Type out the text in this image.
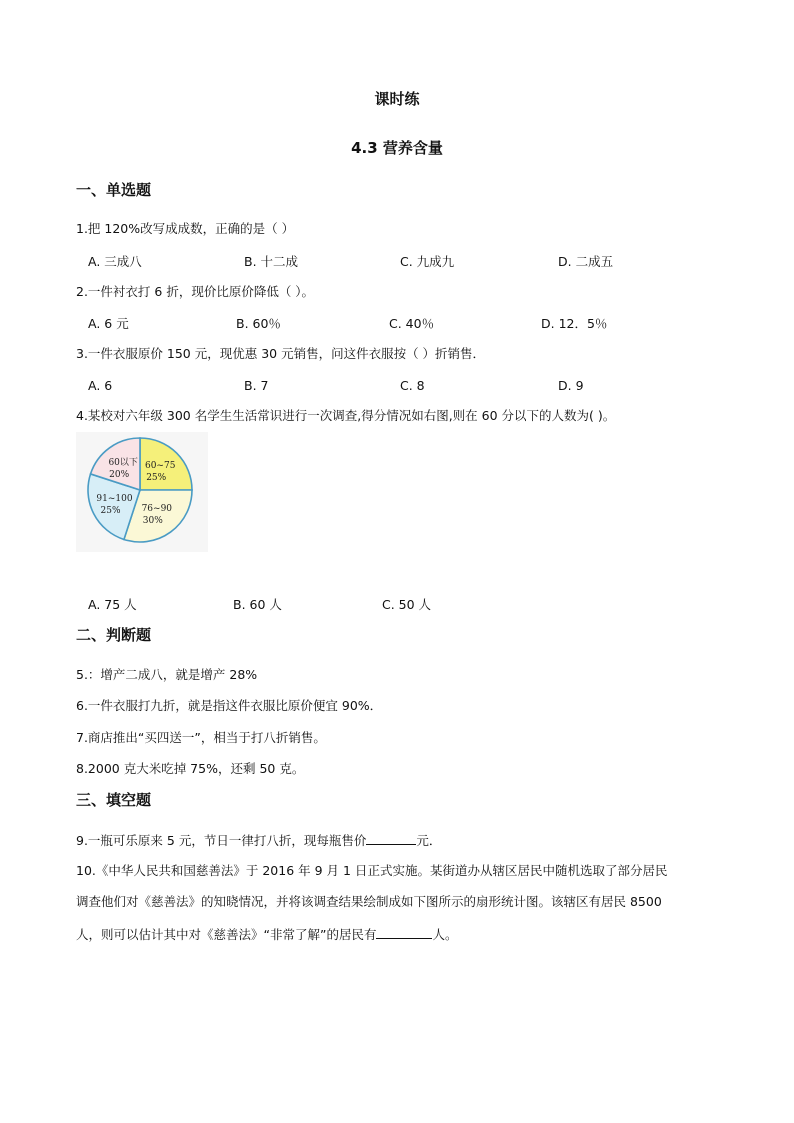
课时练
4.3 营养含量
一、单选题
1.把 120%改写成成数，正确的是（ ）
A. 三成八	B. 十二成	C. 九成九	D. 二成五
2.一件衬衣打 6 折，现价比原价降低（ ）。
A. 6 元	B. 60％	C. 40％	D. 12．5％
3.一件衣服原价 150 元，现优惠 30 元销售，问这件衣服按（ ）折销售．
A. 6	B. 7	C. 8	D. 9
4.某校对六年级 300 名学生生活常识进行一次调查,得分情况如右图,则在 60 分以下的人数为( )。
60~75
25%
76~90
30%
91~100
25%
60以下
20%
A. 75 人	B. 60 人	C. 50 人
二、判断题
5.：增产二成八，就是增产 28%
6.一件衣服打九折，就是指这件衣服比原价便宜 90%．
7.商店推出“买四送一”，相当于打八折销售。
8.2000 克大米吃掉 75%，还剩 50 克。
三、填空题
9.一瓶可乐原来 5 元，节日一律打八折，现每瓶售价	元．
10.《中华人民共和国慈善法》于 2016 年 9 月 1 日正式实施。某街道办从辖区居民中随机选取了部分居民
调查他们对《慈善法》的知晓情况，并将该调查结果绘制成如下图所示的扇形统计图。该辖区有居民 8500
人，则可以估计其中对《慈善法》“非常了解”的居民有	人。
